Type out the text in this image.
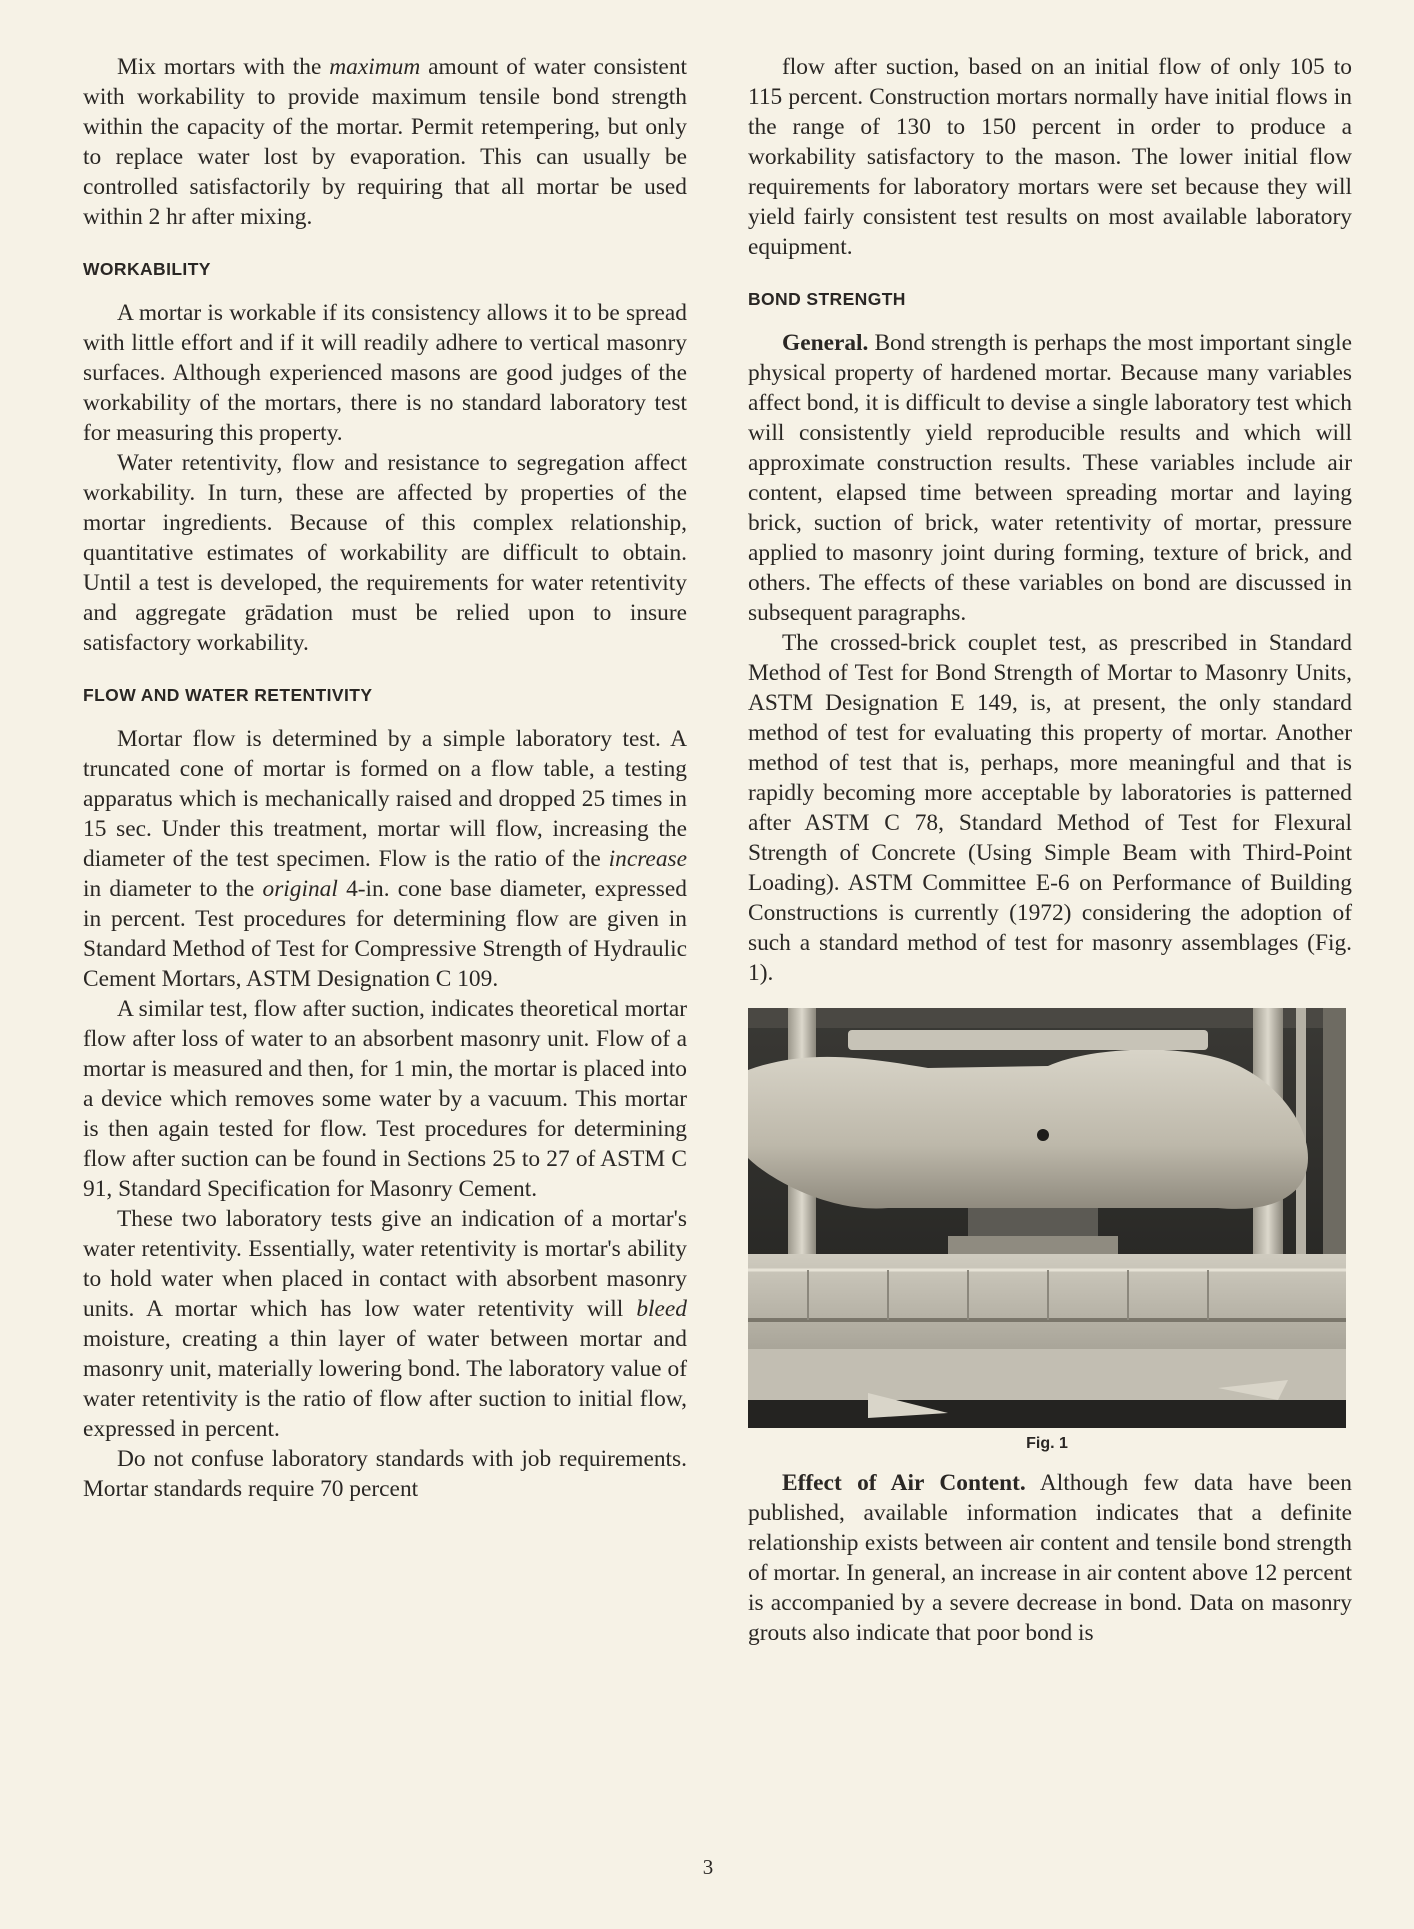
Mix mortars with the maximum amount of water consistent with workability to provide maximum tensile bond strength within the capacity of the mortar. Permit retempering, but only to replace water lost by evaporation. This can usually be controlled satisfactorily by requiring that all mortar be used within 2 hr after mixing.

WORKABILITY

A mortar is workable if its consistency allows it to be spread with little effort and if it will readily adhere to vertical masonry surfaces. Although experienced masons are good judges of the workability of the mortars, there is no standard laboratory test for measuring this property.

Water retentivity, flow and resistance to segregation affect workability. In turn, these are affected by properties of the mortar ingredients. Because of this complex relationship, quantitative estimates of workability are difficult to obtain. Until a test is developed, the requirements for water retentivity and aggregate grādation must be relied upon to insure satisfactory workability.

FLOW AND WATER RETENTIVITY

Mortar flow is determined by a simple laboratory test. A truncated cone of mortar is formed on a flow table, a testing apparatus which is mechanically raised and dropped 25 times in 15 sec. Under this treatment, mortar will flow, increasing the diameter of the test specimen. Flow is the ratio of the increase in diameter to the original 4-in. cone base diameter, expressed in percent. Test procedures for determining flow are given in Standard Method of Test for Compressive Strength of Hydraulic Cement Mortars, ASTM Designation C 109.

A similar test, flow after suction, indicates theoretical mortar flow after loss of water to an absorbent masonry unit. Flow of a mortar is measured and then, for 1 min, the mortar is placed into a device which removes some water by a vacuum. This mortar is then again tested for flow. Test procedures for determining flow after suction can be found in Sections 25 to 27 of ASTM C 91, Standard Specification for Masonry Cement.

These two laboratory tests give an indication of a mortar's water retentivity. Essentially, water retentivity is mortar's ability to hold water when placed in contact with absorbent masonry units. A mortar which has low water retentivity will bleed moisture, creating a thin layer of water between mortar and masonry unit, materially lowering bond. The laboratory value of water retentivity is the ratio of flow after suction to initial flow, expressed in percent.

Do not confuse laboratory standards with job requirements. Mortar standards require 70 percent

flow after suction, based on an initial flow of only 105 to 115 percent. Construction mortars normally have initial flows in the range of 130 to 150 percent in order to produce a workability satisfactory to the mason. The lower initial flow requirements for laboratory mortars were set because they will yield fairly consistent test results on most available laboratory equipment.

BOND STRENGTH

General. Bond strength is perhaps the most important single physical property of hardened mortar. Because many variables affect bond, it is difficult to devise a single laboratory test which will consistently yield reproducible results and which will approximate construction results. These variables include air content, elapsed time between spreading mortar and laying brick, suction of brick, water retentivity of mortar, pressure applied to masonry joint during forming, texture of brick, and others. The effects of these variables on bond are discussed in subsequent paragraphs.

The crossed-brick couplet test, as prescribed in Standard Method of Test for Bond Strength of Mortar to Masonry Units, ASTM Designation E 149, is, at present, the only standard method of test for evaluating this property of mortar. Another method of test that is, perhaps, more meaningful and that is rapidly becoming more acceptable by laboratories is patterned after ASTM C 78, Standard Method of Test for Flexural Strength of Concrete (Using Simple Beam with Third-Point Loading). ASTM Committee E-6 on Performance of Building Constructions is currently (1972) considering the adoption of such a standard method of test for masonry assemblages (Fig. 1).

Fig. 1

Effect of Air Content. Although few data have been published, available information indicates that a definite relationship exists between air content and tensile bond strength of mortar. In general, an increase in air content above 12 percent is accompanied by a severe decrease in bond. Data on masonry grouts also indicate that poor bond is

3
